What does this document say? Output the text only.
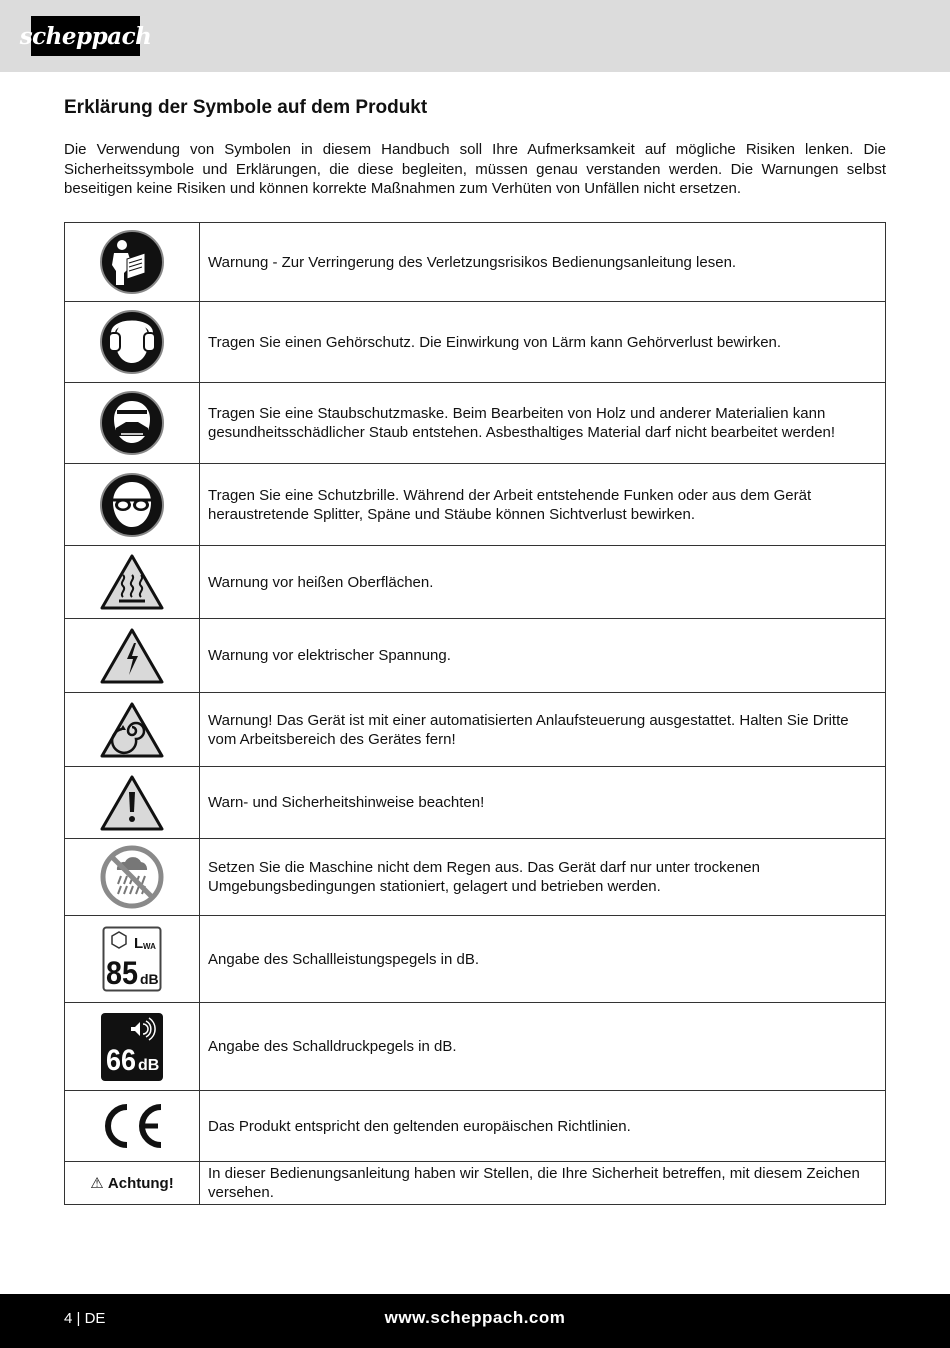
scheppach
Erklärung der Symbole auf dem Produkt

Die Verwendung von Symbolen in diesem Handbuch soll Ihre Aufmerksamkeit auf mögliche Risiken lenken. Die Sicherheitssymbole und Erklärungen, die diese begleiten, müssen genau verstanden werden. Die Warnungen selbst beseitigen keine Risiken und können korrekte Maßnahmen zum Verhüten von Unfällen nicht ersetzen.

	Warnung - Zur Verringerung des Verletzungsrisikos Bedienungsanleitung lesen.

	Tragen Sie einen Gehörschutz. Die Einwirkung von Lärm kann Gehörverlust bewirken.

	Tragen Sie eine Staubschutzmaske. Beim Bearbeiten von Holz und anderer Materialien kann gesundheitsschädlicher Staub entstehen. Asbesthaltiges Material darf nicht bearbeitet werden!

	Tragen Sie eine Schutzbrille. Während der Arbeit entstehende Funken oder aus dem Gerät heraustretende Splitter, Späne und Stäube können Sichtverlust bewirken.

	Warnung vor heißen Oberflächen.

	Warnung vor elektrischer Spannung.

	Warnung! Das Gerät ist mit einer automatisierten Anlaufsteuerung ausgestattet. Halten Sie Dritte vom Arbeitsbereich des Gerätes fern!

	Warn- und Sicherheitshinweise beachten!

	Setzen Sie die Maschine nicht dem Regen aus. Das Gerät darf nur unter trockenen Umgebungsbedingungen stationiert, gelagert und betrieben werden.

L WA
85 dB	Angabe des Schallleistungspegels in dB.

66 dB	Angabe des Schalldruckpegels in dB.

	Das Produkt entspricht den geltenden europäischen Richtlinien.
⚠ Achtung!	In dieser Bedienungsanleitung haben wir Stellen, die Ihre Sicherheit betreffen, mit diesem Zeichen versehen.
4 | DE	www.scheppach.com
